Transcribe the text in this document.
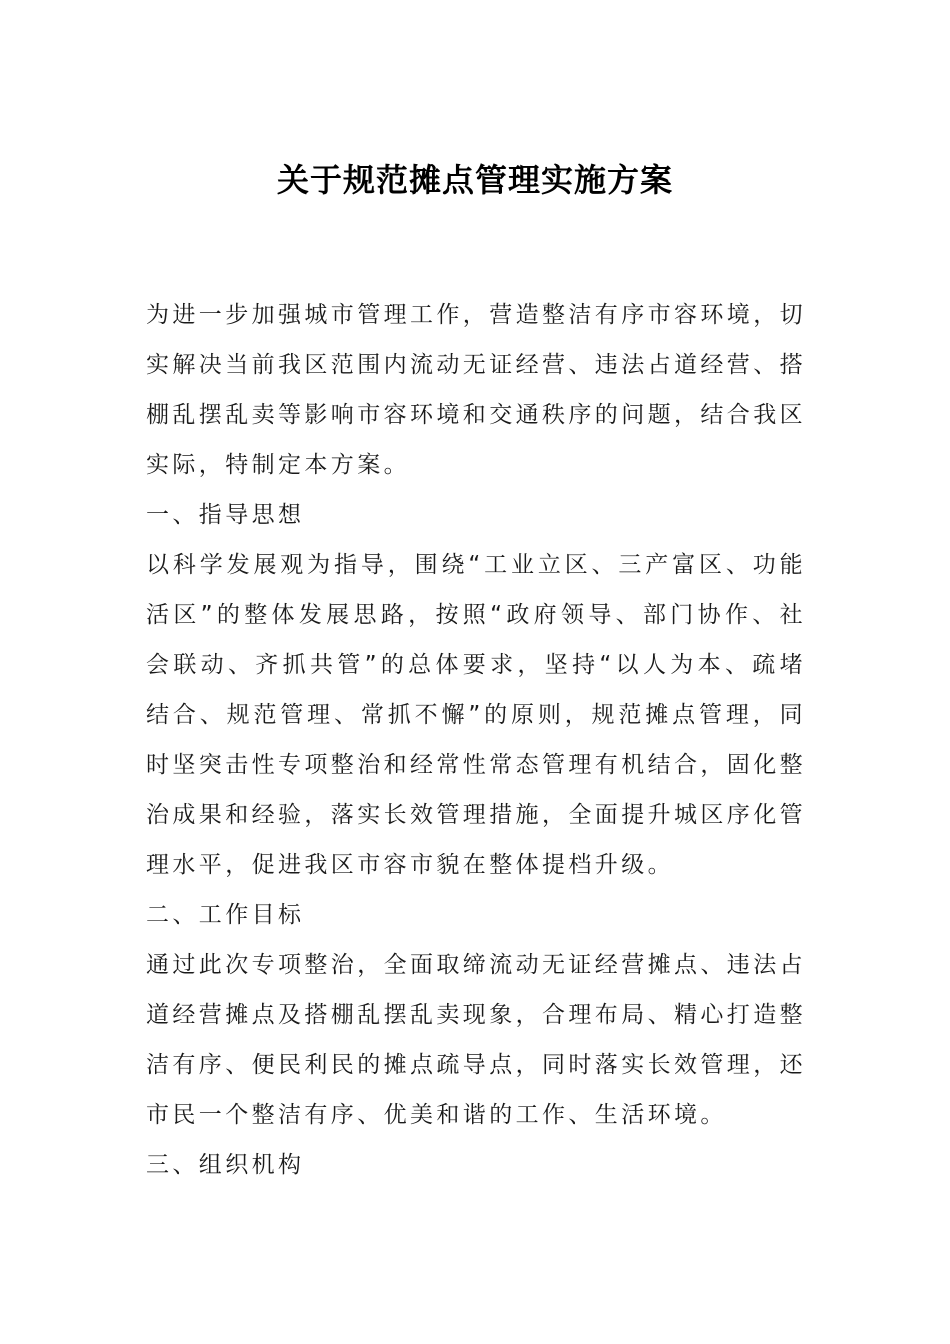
关于规范摊点管理实施方案

为进一步加强城市管理工作，营造整洁有序市容环境，切实解决当前我区范围内流动无证经营、违法占道经营、搭棚乱摆乱卖等影响市容环境和交通秩序的问题，结合我区实际，特制定本方案。

一、指导思想

以科学发展观为指导，围绕“工业立区、三产富区、功能活区”的整体发展思路，按照“政府领导、部门协作、社会联动、齐抓共管”的总体要求，坚持“以人为本、疏堵结合、规范管理、常抓不懈”的原则，规范摊点管理，同时坚突击性专项整治和经常性常态管理有机结合，固化整治成果和经验，落实长效管理措施，全面提升城区序化管理水平，促进我区市容市貌在整体提档升级。

二、工作目标

通过此次专项整治，全面取缔流动无证经营摊点、违法占道经营摊点及搭棚乱摆乱卖现象，合理布局、精心打造整洁有序、便民利民的摊点疏导点，同时落实长效管理，还市民一个整洁有序、优美和谐的工作、生活环境。

三、组织机构
